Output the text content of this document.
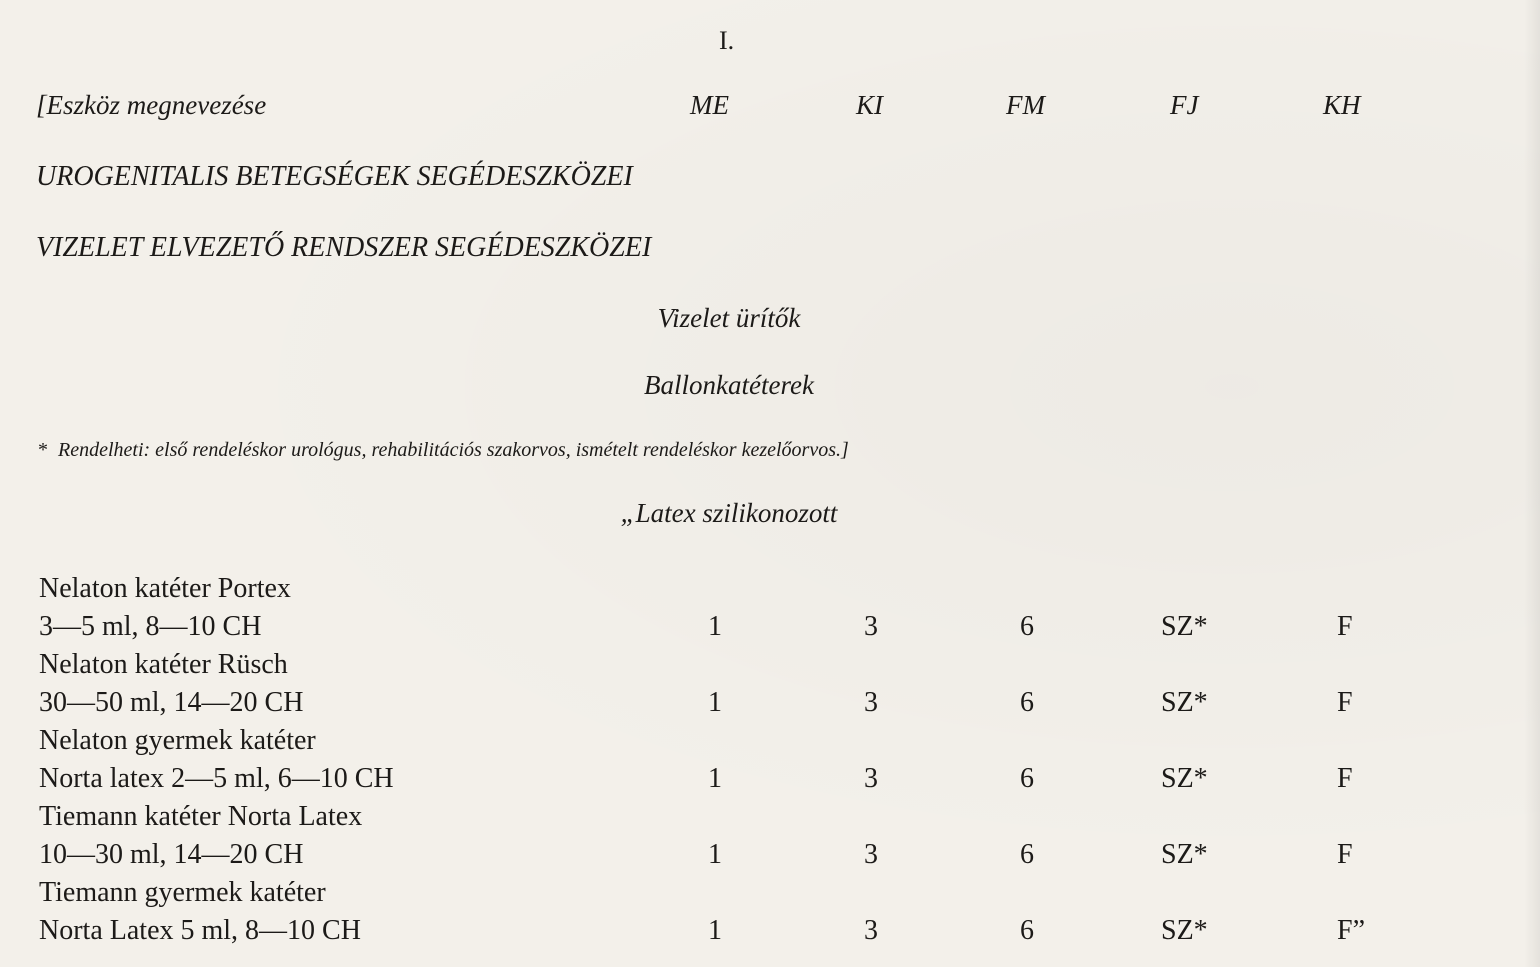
I.
[Eszköz megnevezése	ME	KI	FM	FJ	KH
UROGENITALIS BETEGSÉGEK SEGÉDESZKÖZEI
VIZELET ELVEZETŐ RENDSZER SEGÉDESZKÖZEI
Vizelet ürítők
Ballonkatéterek
* Rendelheti: első rendeléskor urológus, rehabilitációs szakorvos, ismételt rendeléskor kezelőorvos.]
„Latex szilikonozott
Nelaton katéter Portex
3—5 ml, 8—10 CH	1	3	6	SZ*	F
Nelaton katéter Rüsch
30—50 ml, 14—20 CH	1	3	6	SZ*	F
Nelaton gyermek katéter
Norta latex 2—5 ml, 6—10 CH	1	3	6	SZ*	F
Tiemann katéter Norta Latex
10—30 ml, 14—20 CH	1	3	6	SZ*	F
Tiemann gyermek katéter
Norta Latex 5 ml, 8—10 CH	1	3	6	SZ*	F”
